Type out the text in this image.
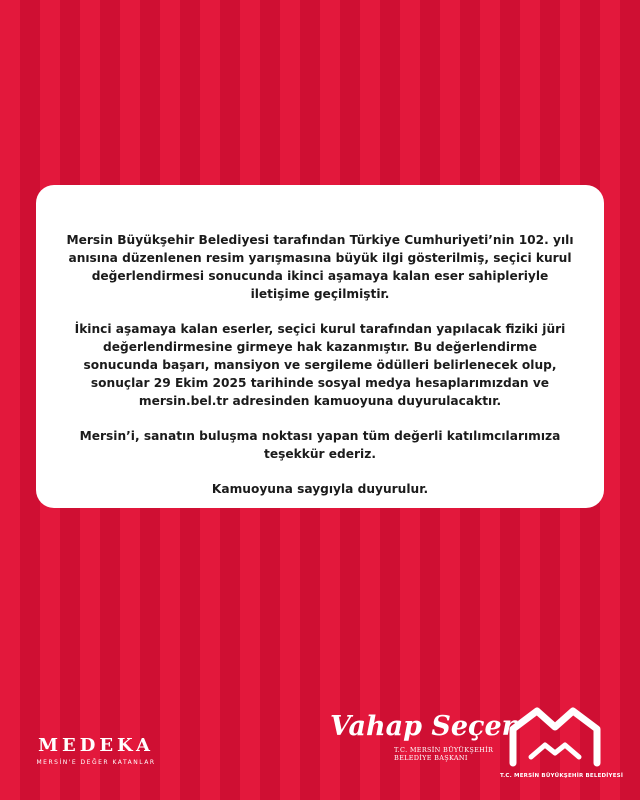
Mersin Büyükşehir Belediyesi tarafından Türkiye Cumhuriyeti’nin 102. yılı anısına düzenlenen resim yarışmasına büyük ilgi gösterilmiş, seçici kurul değerlendirmesi sonucunda ikinci aşamaya kalan eser sahipleriyle iletişime geçilmiştir.

İkinci aşamaya kalan eserler, seçici kurul tarafından yapılacak fiziki jüri değerlendirmesine girmeye hak kazanmıştır. Bu değerlendirme sonucunda başarı, mansiyon ve sergileme ödülleri belirlenecek olup, sonuçlar 29 Ekim 2025 tarihinde sosyal medya hesaplarımızdan ve mersin.bel.tr adresinden kamuoyuna duyurulacaktır.

Mersin’i, sanatın buluşma noktası yapan tüm değerli katılımcılarımıza teşekkür ederiz.

Kamuoyuna saygıyla duyurulur.

MEDEKA
MERSİN'E DEĞER KATANLAR
Vahap Seçer
T.C. MERSİN BÜYÜKŞEHİR BELEDİYE BAŞKANI
T.C. MERSİN BÜYÜKŞEHİR BELEDİYESİ
